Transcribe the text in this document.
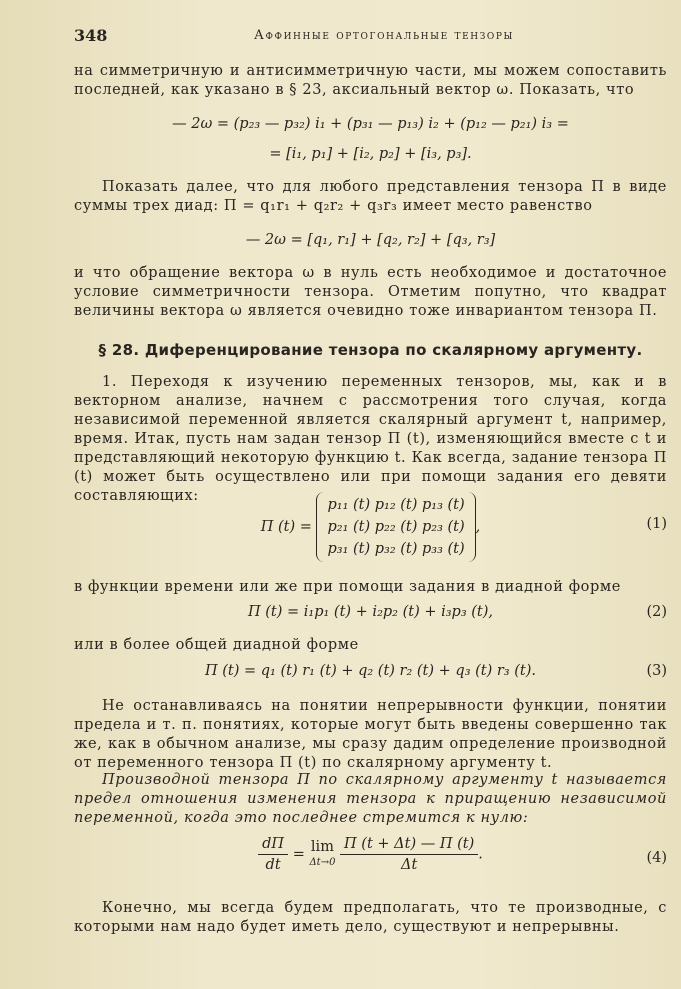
348	Аффинные ортогональные тензоры

на симметричную и антисимметричную части, мы можем сопоставить последней, как указано в § 23, аксиальный вектор ω. Показать, что

— 2ω = (p₂₃ — p₃₂) i₁ + (p₃₁ — p₁₃) i₂ + (p₁₂ — p₂₁) i₃ =
= [i₁, p₁] + [i₂, p₂] + [i₃, p₃].

Показать далее, что для любого представления тензора Π в виде суммы трех диад: Π = q₁r₁ + q₂r₂ + q₃r₃ имеет место равенство

— 2ω = [q₁, r₁] + [q₂, r₂] + [q₃, r₃]

и что обращение вектора ω в нуль есть необходимое и достаточное условие симметричности тензора. Отметим попутно, что квадрат величины вектора ω является очевидно тоже инвариантом тензора Π.

§ 28. Диференцирование тензора по скалярному аргументу.

1. Переходя к изучению переменных тензоров, мы, как и в векторном анализе, начнем с рассмотрения того случая, когда независимой переменной является скалярный аргумент t, например, время. Итак, пусть нам задан тензор Π (t), изменяющийся вместе с t и представляющий некоторую функцию t. Как всегда, задание тензора Π (t) может быть осуществлено или при помощи задания его девяти составляющих:

Π (t) =
p₁₁ (t) p₁₂ (t) p₁₃ (t)
p₂₁ (t) p₂₂ (t) p₂₃ (t)
p₃₁ (t) p₃₂ (t) p₃₃ (t)
,	(1)

в функции времени или же при помощи задания в диадной форме

Π (t) = i₁p₁ (t) + i₂p₂ (t) + i₃p₃ (t),	(2)

или в более общей диадной форме

Π (t) = q₁ (t) r₁ (t) + q₂ (t) r₂ (t) + q₃ (t) r₃ (t).	(3)

Не останавливаясь на понятии непрерывности функции, понятии предела и т. п. понятиях, которые могут быть введены совершенно так же, как в обычном анализе, мы сразу дадим определение производной от переменного тензора Π (t) по скалярному аргументу t.

Производной тензора Π по скалярному аргументу t называется предел отношения изменения тензора к приращению независимой переменной, когда это последнее стремится к нулю:

$\frac{d\Pi}{dt} = \lim$
Δt→0
$\frac{\Pi (t + \Delta t) — \Pi (t)}{\Delta t}$ .	(4)

Конечно, мы всегда будем предполагать, что те производные, с которыми нам надо будет иметь дело, существуют и непрерывны.
